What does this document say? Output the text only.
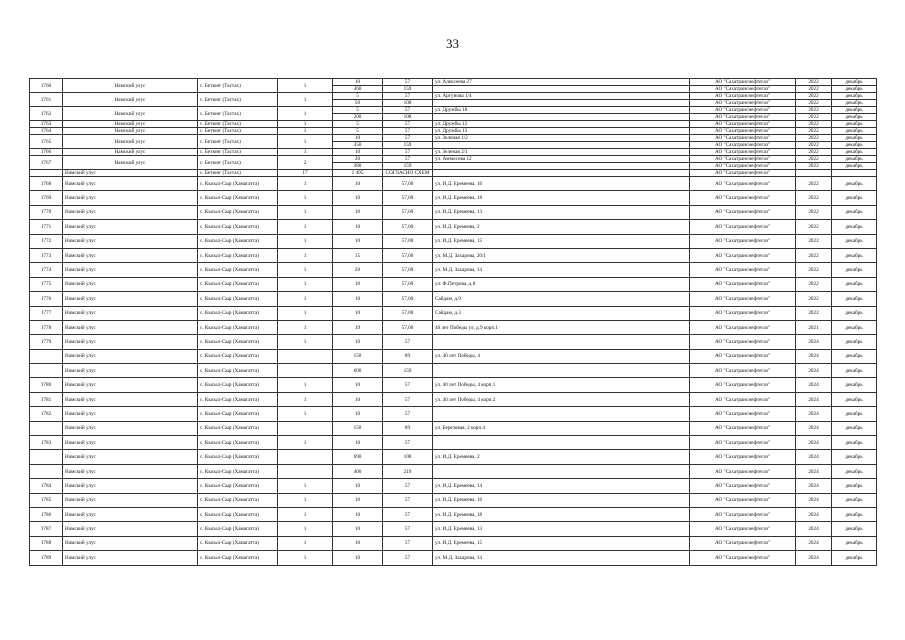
33
1760	Намский улус	с. Бетюнг (Тастах)	1	10	57	ул. Алексеева 27	АО "Сахатранснефтегаз"	2022	декабрь
				360	159		АО "Сахатранснефтегаз"	2022	декабрь
1761	Намский улус	с. Бетюнг (Тастах)	1	5	57	ул. Аргунова 1/4	АО "Сахатранснефтегаз"	2022	декабрь
				50	108		АО "Сахатранснефтегаз"	2022	декабрь
1762	Намский улус	с. Бетюнг (Тастах)	1	5	57	ул. Дружбы 18	АО "Сахатранснефтегаз"	2022	декабрь
				200	108		АО "Сахатранснефтегаз"	2022	декабрь
1763	Намский улус	с. Бетюнг (Тастах)	1	5	57	ул. Дружбы 12	АО "Сахатранснефтегаз"	2022	декабрь
1764	Намский улус	с. Бетюнг (Тастах)	1	5	57	ул. Дружбы 13	АО "Сахатранснефтегаз"	2022	декабрь
1765	Намский улус	с. Бетюнг (Тастах)	1	10	57	ул. Зеленая 1/2	АО "Сахатранснефтегаз"	2022	декабрь
				350	159		АО "Сахатранснефтегаз"	2022	декабрь
1766	Намский улус	с. Бетюнг (Тастах)	1	10	57	ул. Зеленая 2/1	АО "Сахатранснефтегаз"	2022	декабрь
1767	Намский улус	с. Бетюнг (Тастах)	2	20	57	ул. Аммосова 12	АО "Сахатранснефтегаз"	2022	декабрь
				380	159		АО "Сахатранснефтегаз"	2022	декабрь
	Намский улус	с. Бетюнг (Тастах)	17	1 495	СОГЛАСНО СХЕМ		АО "Сахатранснефтегаз"		
1768	Намский улус	с. Кысыл-Сыр (Хамагатта)	1	10	57,00	ул. И.Д. Еремеева, 16	АО "Сахатранснефтегаз"	2022	декабрь
1769	Намский улус	с. Кысыл-Сыр (Хамагатта)	1	10	57,00	ул. И.Д. Еремеева, 18	АО "Сахатранснефтегаз"	2022	декабрь
1770	Намский улус	с. Кысыл-Сыр (Хамагатта)	1	10	57,00	ул. И.Д. Еремеева, 13	АО "Сахатранснефтегаз"	2022	декабрь
1771	Намский улус	с. Кысыл-Сыр (Хамагатта)	1	10	57,00	ул. И.Д. Еремеева, 2	АО "Сахатранснефтегаз"	2022	декабрь
1772	Намский улус	с. Кысыл-Сыр (Хамагатта)	1	10	57,00	ул. И.Д. Еремеева, 15	АО "Сахатранснефтегаз"	2022	декабрь
1773	Намский улус	с. Кысыл-Сыр (Хамагатта)	1	15	57,00	ул. М.Д. Захарова, 20/1	АО "Сахатранснефтегаз"	2022	декабрь
1774	Намский улус	с. Кысыл-Сыр (Хамагатта)	1	20	57,00	ул. М.Д. Захарова, 14	АО "Сахатранснефтегаз"	2022	декабрь
1775	Намский улус	с. Кысыл-Сыр (Хамагатта)	1	10	57,00	ул. Ф.Петрова, д.8	АО "Сахатранснефтегаз"	2022	декабрь
1776	Намский улус	с. Кысыл-Сыр (Хамагатта)	1	10	57,00	Сайдам, д.9	АО "Сахатранснефтегаз"	2022	декабрь
1777	Намский улус	с. Кысыл-Сыр (Хамагатта)	1	10	57,00	Сайдам, д.3	АО "Сахатранснефтегаз"	2022	декабрь
1778	Намский улус	с. Кысыл-Сыр (Хамагатта)	1	19	57,00	40 лет Победы ул, д.9 корп.1	АО "Сахатранснефтегаз"	2021	декабрь
1779	Намский улус	с. Кысыл-Сыр (Хамагатта)	1	10	57		АО "Сахатранснефтегаз"	2024	декабрь
	Намский улус	с. Кысыл-Сыр (Хамагатта)		150	89	ул. 40 лет Победы, 4	АО "Сахатранснефтегаз"	2024	декабрь
	Намский улус	с. Кысыл-Сыр (Хамагатта)		600	159		АО "Сахатранснефтегаз"	2024	декабрь
1780	Намский улус	с. Кысыл-Сыр (Хамагатта)	1	10	57	ул. 40 лет Победы, 4 корп.1	АО "Сахатранснефтегаз"	2024	декабрь
1781	Намский улус	с. Кысыл-Сыр (Хамагатта)	1	10	57	ул. 40 лет Победы, 4 корп.2	АО "Сахатранснефтегаз"	2024	декабрь
1782	Намский улус	с. Кысыл-Сыр (Хамагатта)	1	10	57		АО "Сахатранснефтегаз"	2024	декабрь
	Намский улус	с. Кысыл-Сыр (Хамагатта)		150	89	ул. Березовая, 2 корп.4	АО "Сахатранснефтегаз"	2024	декабрь
1783	Намский улус	с. Кысыл-Сыр (Хамагатта)	1	10	57		АО "Сахатранснефтегаз"	2024	декабрь
	Намский улус	с. Кысыл-Сыр (Хамагатта)		690	108	ул. И.Д. Еремеева, 2	АО "Сахатранснефтегаз"	2024	декабрь
	Намский улус	с. Кысыл-Сыр (Хамагатта)		400	219		АО "Сахатранснефтегаз"	2024	декабрь
1784	Намский улус	с. Кысыл-Сыр (Хамагатта)	1	10	57	ул. И.Д. Еремеева, 14	АО "Сахатранснефтегаз"	2024	декабрь
1785	Намский улус	с. Кысыл-Сыр (Хамагатта)	1	10	57	ул. И.Д. Еремеева, 16	АО "Сахатранснефтегаз"	2024	декабрь
1786	Намский улус	с. Кысыл-Сыр (Хамагатта)	1	10	57	ул. И.Д. Еремеева, 18	АО "Сахатранснефтегаз"	2024	декабрь
1787	Намский улус	с. Кысыл-Сыр (Хамагатта)	1	10	57	ул. И.Д. Еремеева, 13	АО "Сахатранснефтегаз"	2024	декабрь
1788	Намский улус	с. Кысыл-Сыр (Хамагатта)	1	10	57	ул. И.Д. Еремеева, 15	АО "Сахатранснефтегаз"	2024	декабрь
1789	Намский улус	с. Кысыл-Сыр (Хамагатта)	1	10	57	ул. М.Д. Захарова, 14	АО "Сахатранснефтегаз"	2024	декабрь
